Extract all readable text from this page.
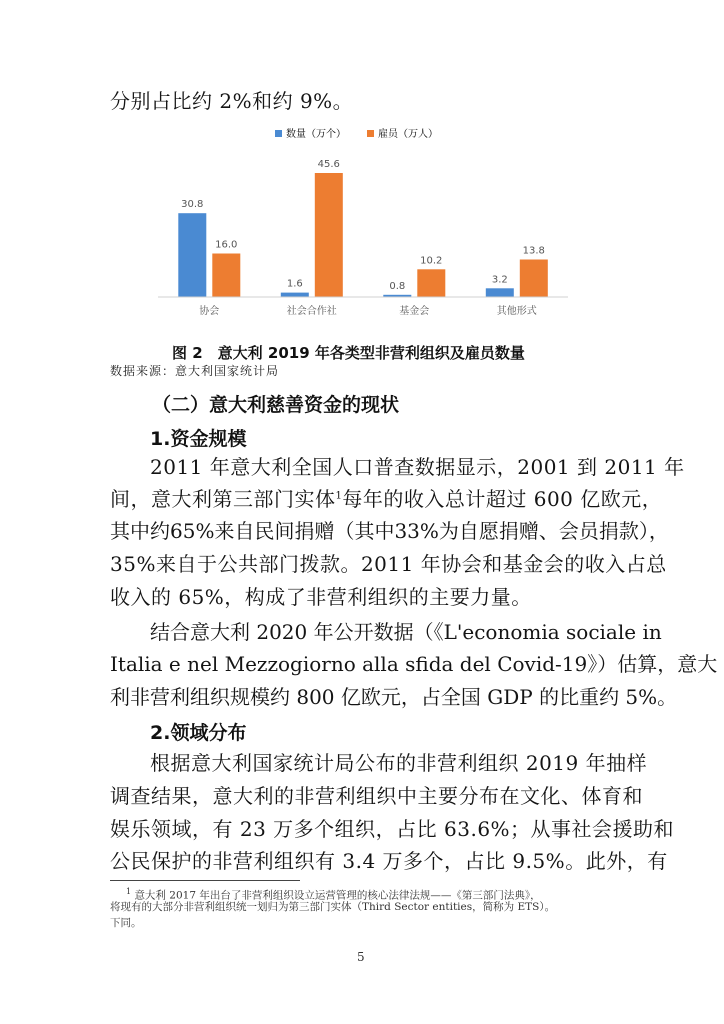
分别占比约 2%和约 9%。
数量（万个）	雇员（万人）
30.8
16.0
1.6
45.6
0.8
10.2
3.2
13.8
协会	社会合作社	基金会	其他形式
图 2　意大利 2019 年各类型非营利组织及雇员数量
数据来源：意大利国家统计局
（二）意大利慈善资金的现状
1.资金规模
2011 年意大利全国人口普查数据显示，2001 到 2011 年
间，意大利第三部门实体$^1$每年的收入总计超过 600 亿欧元，
其中约65%来自民间捐赠（其中33%为自愿捐赠、会员捐款），
35%来自于公共部门拨款。2011 年协会和基金会的收入占总
收入的 65%，构成了非营利组织的主要力量。
结合意大利 2020 年公开数据（《L'economia sociale in
Italia e nel Mezzogiorno alla sfida del Covid-19》）估算，意大
利非营利组织规模约 800 亿欧元，占全国 GDP 的比重约 5%。
2.领域分布
根据意大利国家统计局公布的非营利组织 2019 年抽样
调查结果，意大利的非营利组织中主要分布在文化、体育和
娱乐领域，有 23 万多个组织，占比 63.6%；从事社会援助和
公民保护的非营利组织有 3.4 万多个，占比 9.5%。此外，有
$^1$ 意大利 2017 年出台了非营利组织设立运营管理的核心法律法规——《第三部门法典》，
将现有的大部分非营利组织统一划归为第三部门实体（Third Sector entities，简称为 ETS）。
下同。
5
